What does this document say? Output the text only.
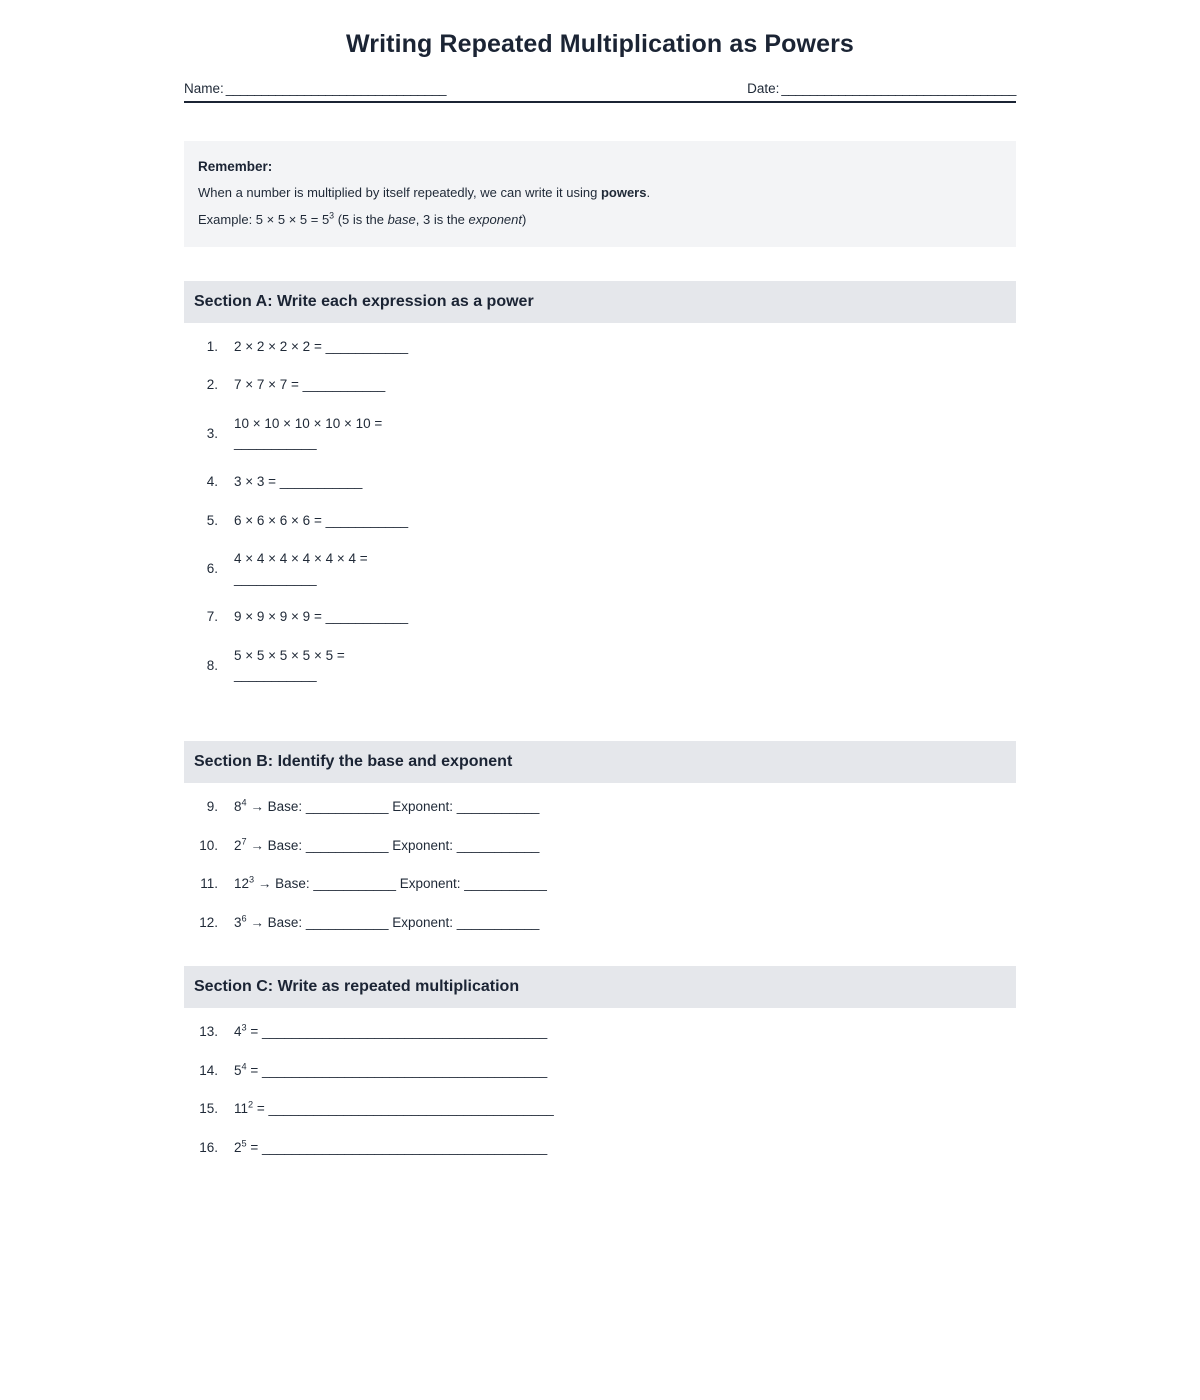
Writing Repeated Multiplication as Powers
Name: _______________________________	Date: _________________________________
Remember:

When a number is multiplied by itself repeatedly, we can write it using powers.

Example: $5 \times 5 \times 5 = 5^3$ (5 is the base, 3 is the exponent)

Section A: Write each expression as a power
1. 2 × 2 × 2 × 2 = ___________
2. 7 × 7 × 7 = ___________
3.
10 × 10 × 10 × 10 × 10 = ___________
4. 3 × 3 = ___________
5. 6 × 6 × 6 × 6 = ___________
6.
4 × 4 × 4 × 4 × 4 × 4 = ___________
7. 9 × 9 × 9 × 9 = ___________
8.
5 × 5 × 5 × 5 × 5 = ___________
Section B: Identify the base and exponent
9. $8^4$ → Base: ___________ Exponent: ___________
10. $2^7$ → Base: ___________ Exponent: ___________
11. $12^3$ → Base: ___________ Exponent: ___________
12. $3^6$ → Base: ___________ Exponent: ___________
Section C: Write as repeated multiplication
13. $4^3$ = ______________________________________
14. $5^4$ = ______________________________________
15. $11^2$ = ______________________________________
16. $2^5$ = ______________________________________
